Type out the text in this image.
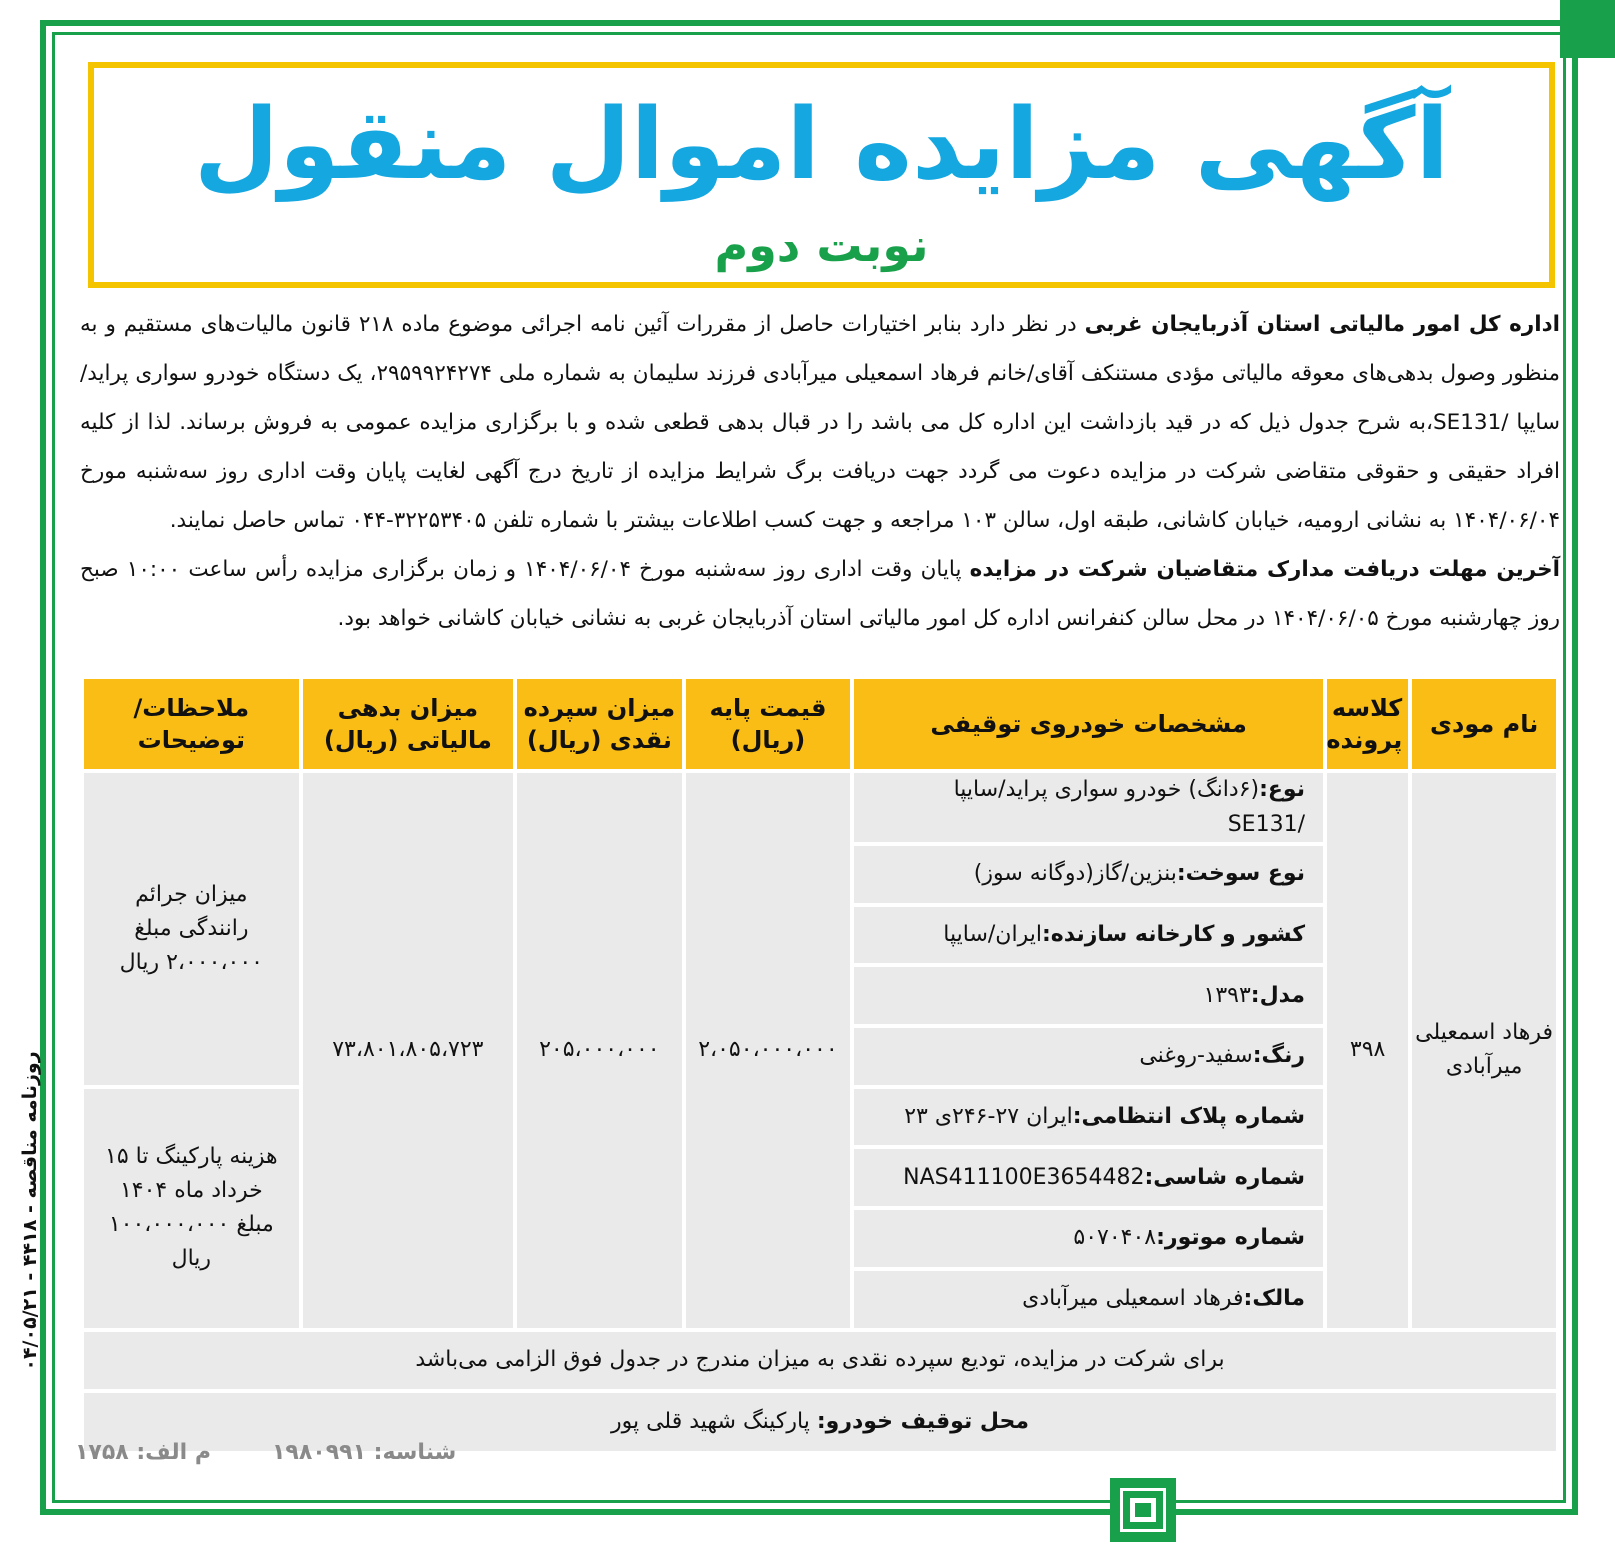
آگهی مزایده اموال منقول
نوبت دوم

اداره کل امور مالیاتی استان آذربایجان غربی در نظر دارد بنابر اختیارات حاصل از مقررات آئین نامه اجرائی موضوع ماده ۲۱۸ قانون مالیات‌های مستقیم و به منظور وصول بدهی‌های معوقه مالیاتی مؤدی مستنکف آقای/خانم فرهاد اسمعیلی میرآبادی فرزند سلیمان به شماره ملی ۲۹۵۹۹۲۴۲۷۴، یک دستگاه خودرو سواری پراید/سایپا /SE131،به شرح جدول ذیل که در قید بازداشت این اداره کل می باشد را در قبال بدهی قطعی شده و با برگزاری مزایده عمومی به فروش برساند. لذا از کلیه افراد حقیقی و حقوقی متقاضی شرکت در مزایده دعوت می گردد جهت دریافت برگ شرایط مزایده از تاریخ درج آگهی لغایت پایان وقت اداری روز سه‌شنبه مورخ ۱۴۰۴/۰۶/۰۴ به نشانی ارومیه، خیابان کاشانی، طبقه اول، سالن ۱۰۳ مراجعه و جهت کسب اطلاعات بیشتر با شماره تلفن ۳۲۲۵۳۴۰۵-۰۴۴ تماس حاصل نمایند.

آخرین مهلت دریافت مدارک متقاضیان شرکت در مزایده پایان وقت اداری روز سه‌شنبه مورخ ۱۴۰۴/۰۶/۰۴ و زمان برگزاری مزایده رأس ساعت ۱۰:۰۰ صبح روز چهارشنبه مورخ ۱۴۰۴/۰۶/۰۵ در محل سالن کنفرانس اداره کل امور مالیاتی استان آذربایجان غربی به نشانی خیابان کاشانی خواهد بود.

نام مودی	کلاسه پرونده	مشخصات خودروی توقیفی	قیمت پایه (ریال)	میزان سپرده نقدی (ریال)	میزان بدهی مالیاتی (ریال)	ملاحظات/ توضیحات
فرهاد اسمعیلی میرآبادی	۳۹۸	نوع:(۶دانگ) خودرو سواری پراید/سایپا /SE131	۲،۰۵۰،۰۰۰،۰۰۰	۲۰۵،۰۰۰،۰۰۰	۷۳،۸۰۱،۸۰۵،۷۲۳	میزان جرائم رانندگی مبلغ ۲،۰۰۰،۰۰۰ ریال
		نوع سوخت:بنزین/گاز(دوگانه سوز)				
		کشور و کارخانه سازنده:ایران/سایپا				
		مدل:۱۳۹۳				
		رنگ:سفید-روغنی				
		شماره پلاک انتظامی:ایران ۲۷-۲۴۶ی ۲۳				هزینه پارکینگ تا ۱۵ خرداد ماه ۱۴۰۴ مبلغ ۱۰۰،۰۰۰،۰۰۰ ریال
		شماره شاسی:NAS411100E3654482				
		شماره موتور:۵۰۷۰۴۰۸				
		مالک:فرهاد اسمعیلی میرآبادی				
برای شرکت در مزایده، تودیع سپرده نقدی به میزان مندرج در جدول فوق الزامی می‌باشد						
محل توقیف خودرو: پارکینگ شهید قلی پور						
روزنامه مناقصه - ۴۴۱۸ - ۰۴/۰۵/۲۱
شناسه: ۱۹۸۰۹۹۱
م الف: ۱۷۵۸
